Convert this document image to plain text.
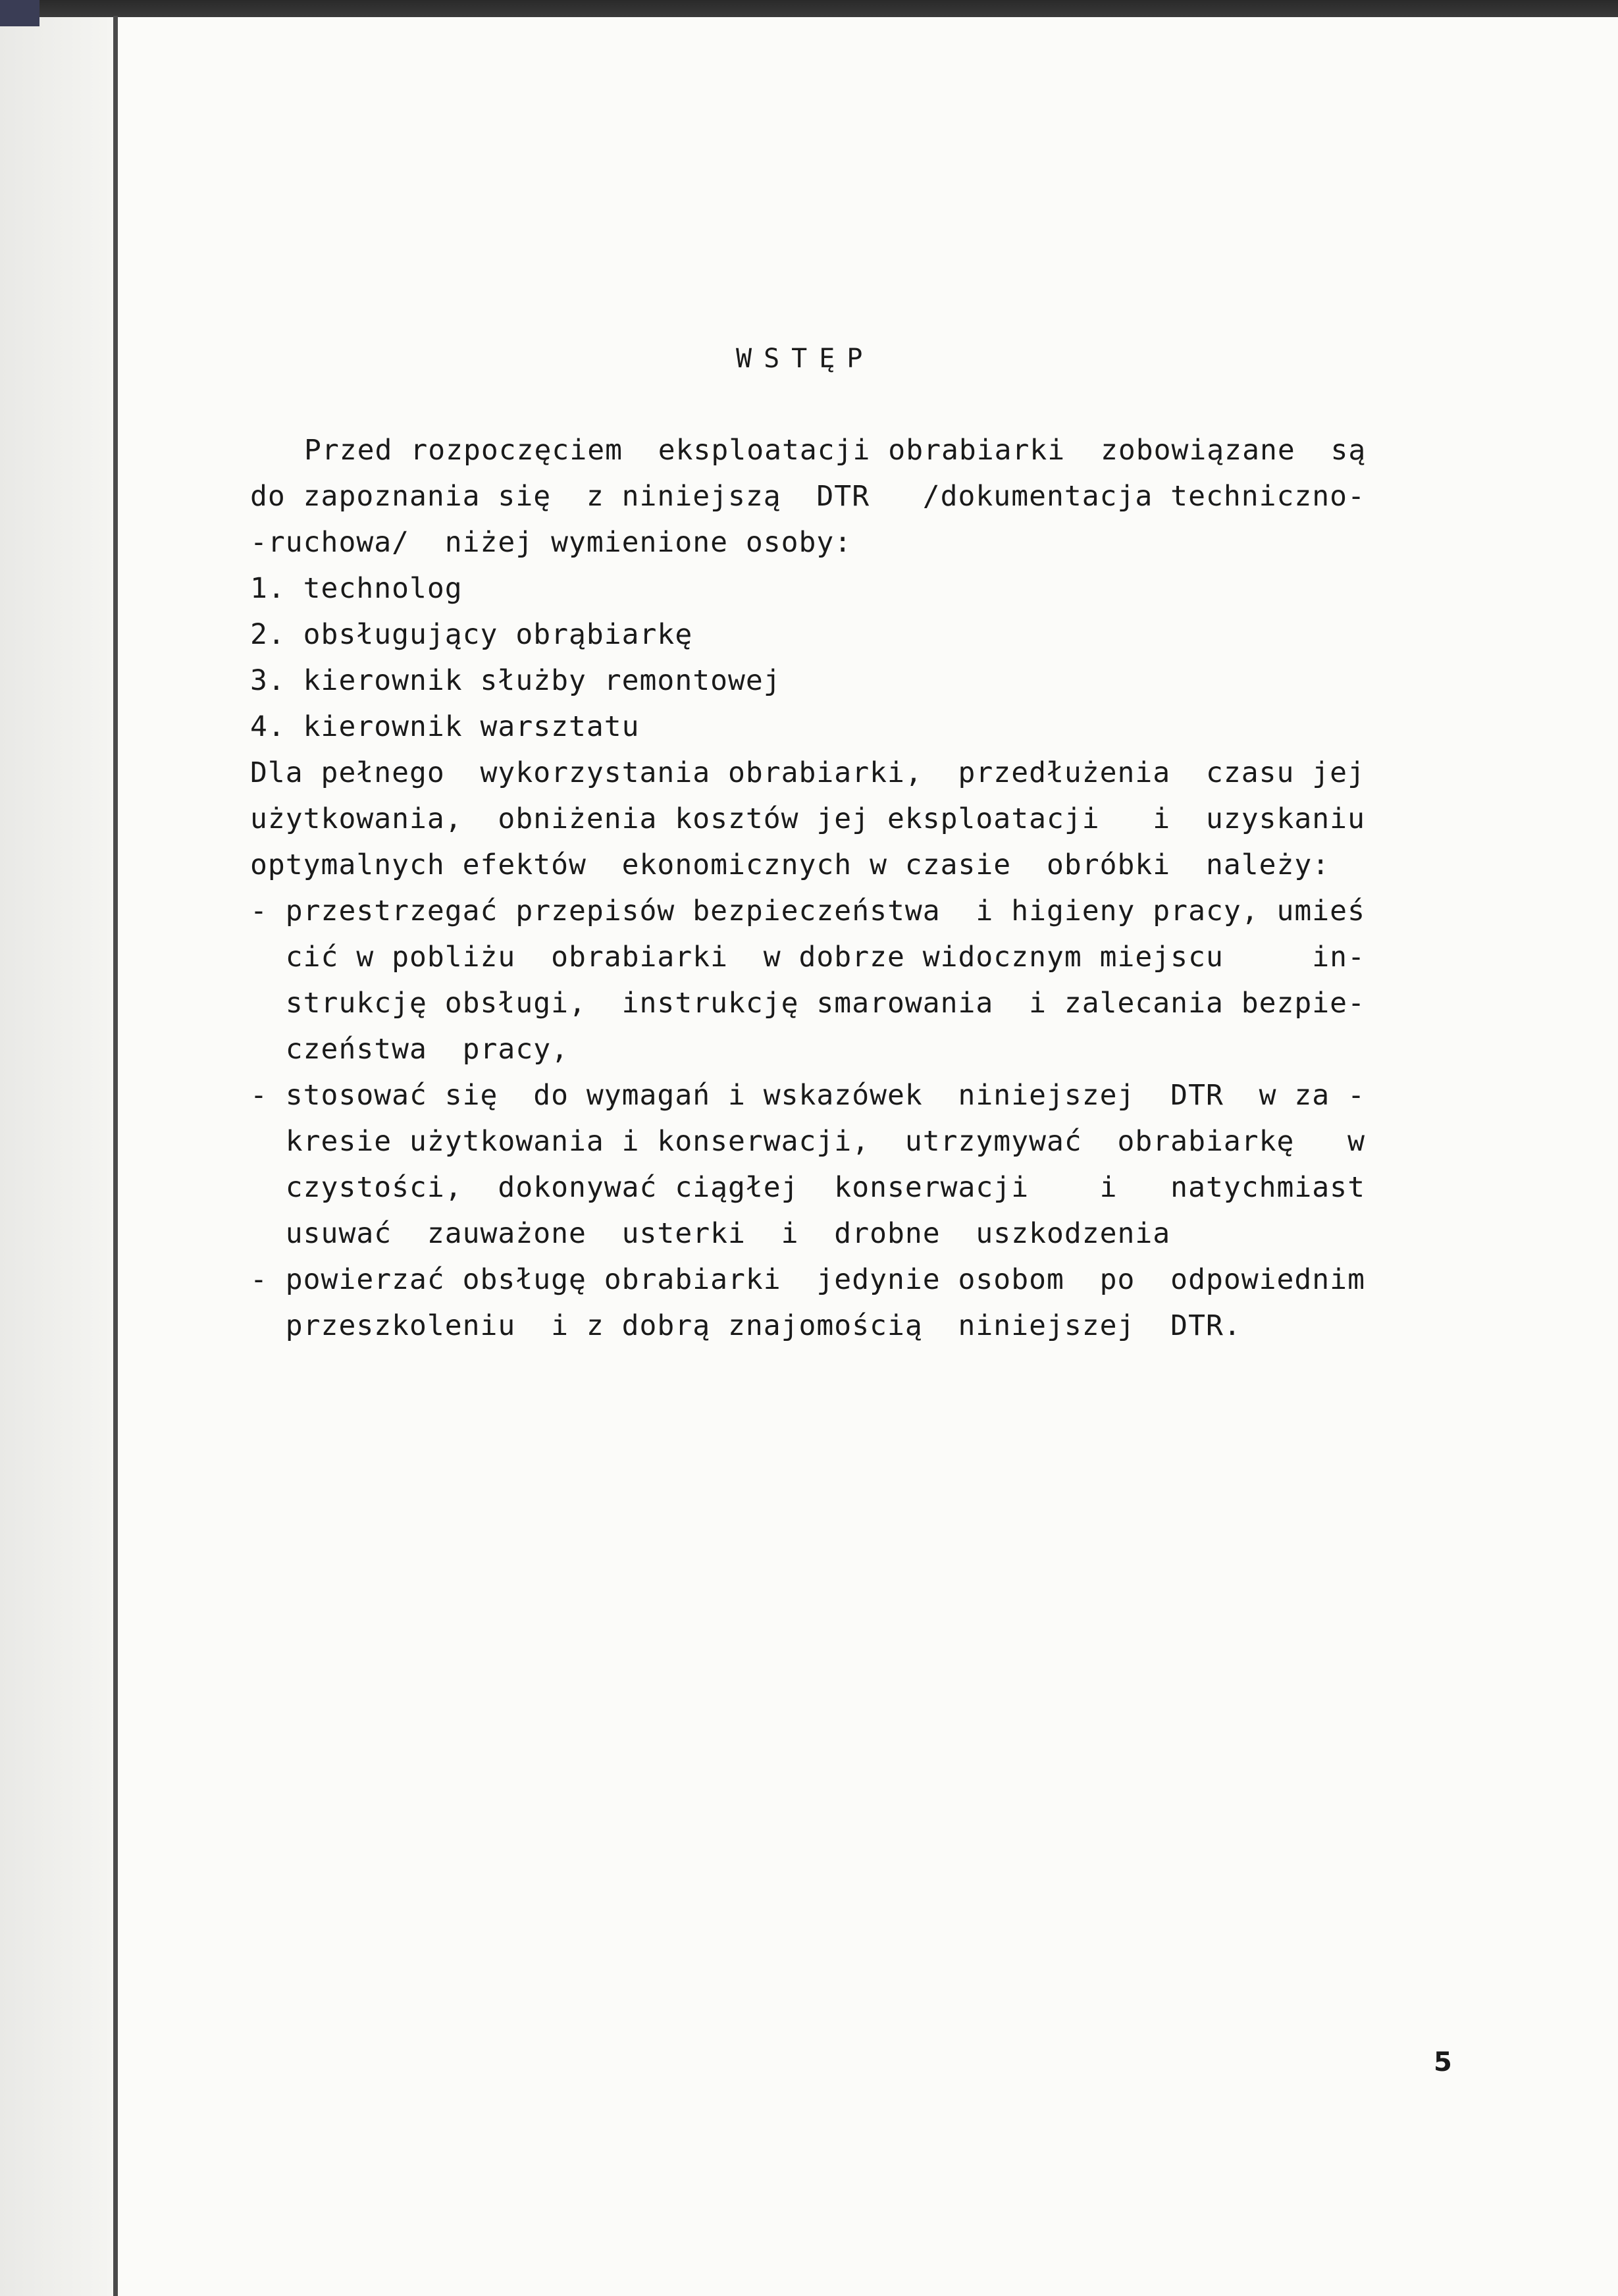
WSTĘP
Przed rozpoczęciem  eksploatacji obrabiarki  zobowiązane  są
do zapoznania się  z niniejszą  DTR   /dokumentacja techniczno-
-ruchowa/  niżej wymienione osoby:
1. technolog
2. obsługujący obrąbiarkę
3. kierownik służby remontowej
4. kierownik warsztatu
Dla pełnego  wykorzystania obrabiarki,  przedłużenia  czasu jej
użytkowania,  obniżenia kosztów jej eksploatacji   i  uzyskaniu
optymalnych efektów  ekonomicznych w czasie  obróbki  należy:
- przestrzegać przepisów bezpieczeństwa  i higieny pracy, umieś
cić w pobliżu  obrabiarki  w dobrze widocznym miejscu     in-
strukcję obsługi,  instrukcję smarowania  i zalecania bezpie-
czeństwa  pracy,
- stosować się  do wymagań i wskazówek  niniejszej  DTR  w za -
kresie użytkowania i konserwacji,  utrzymywać  obrabiarkę   w
czystości,  dokonywać ciągłej  konserwacji    i   natychmiast
usuwać  zauważone  usterki  i  drobne  uszkodzenia
- powierzać obsługę obrabiarki  jedynie osobom  po  odpowiednim
przeszkoleniu  i z dobrą znajomością  niniejszej  DTR.
5
